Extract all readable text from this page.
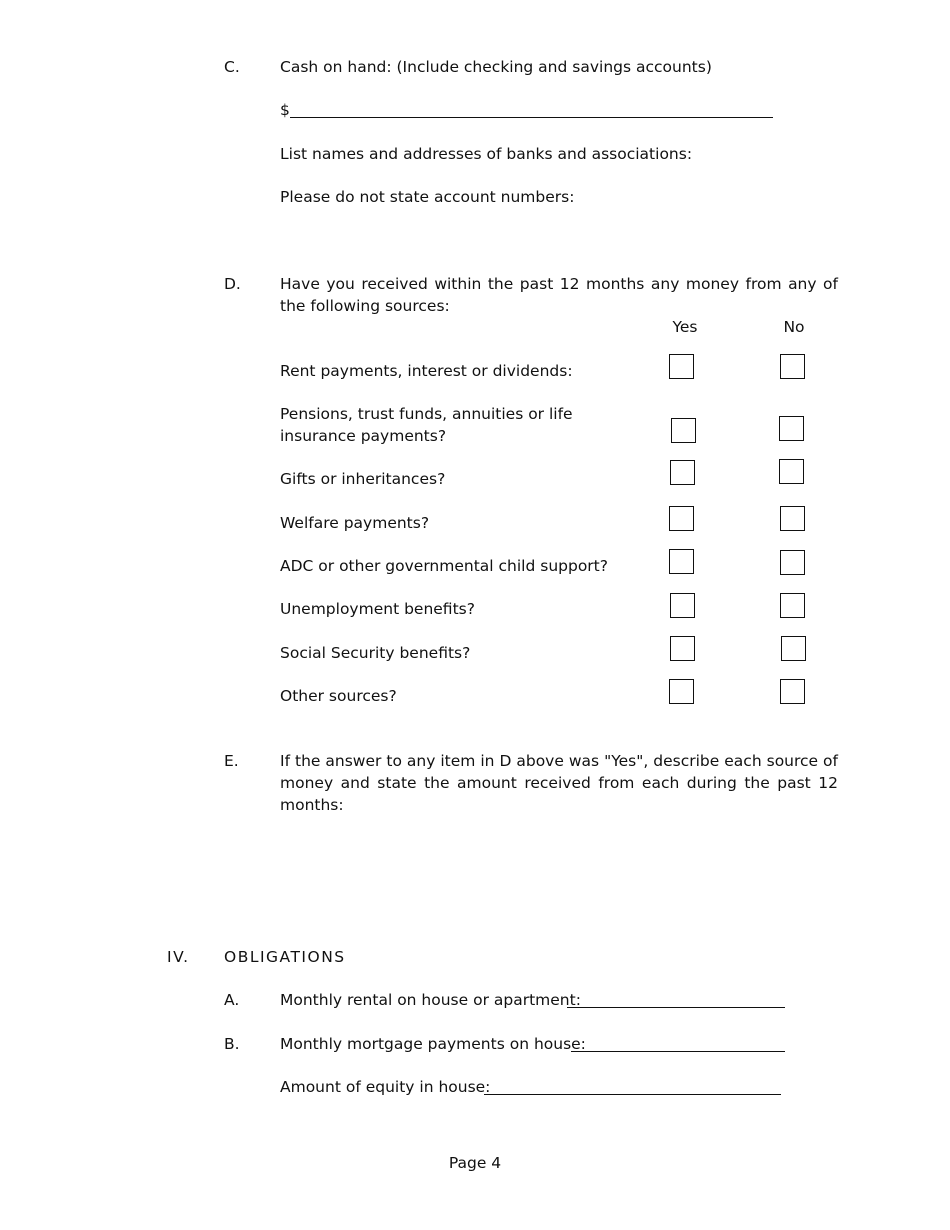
C.	Cash on hand: (Include checking and savings accounts)
$
List names and addresses of banks and associations:
Please do not state account numbers:
D.	Have you received within the past 12 months any money from any of the following sources:
Yes	No
Rent payments, interest or dividends:
Pensions, trust funds, annuities or life
insurance payments?
Gifts or inheritances?
Welfare payments?
ADC or other governmental child support?
Unemployment benefits?
Social Security benefits?
Other sources?
E.	If the answer to any item in D above was "Yes", describe each source of money and state the amount received from each during the past 12 months:
IV. OBLIGATIONS
A.	Monthly rental on house or apartment:
B.	Monthly mortgage payments on house:
Amount of equity in house:
Page 4
